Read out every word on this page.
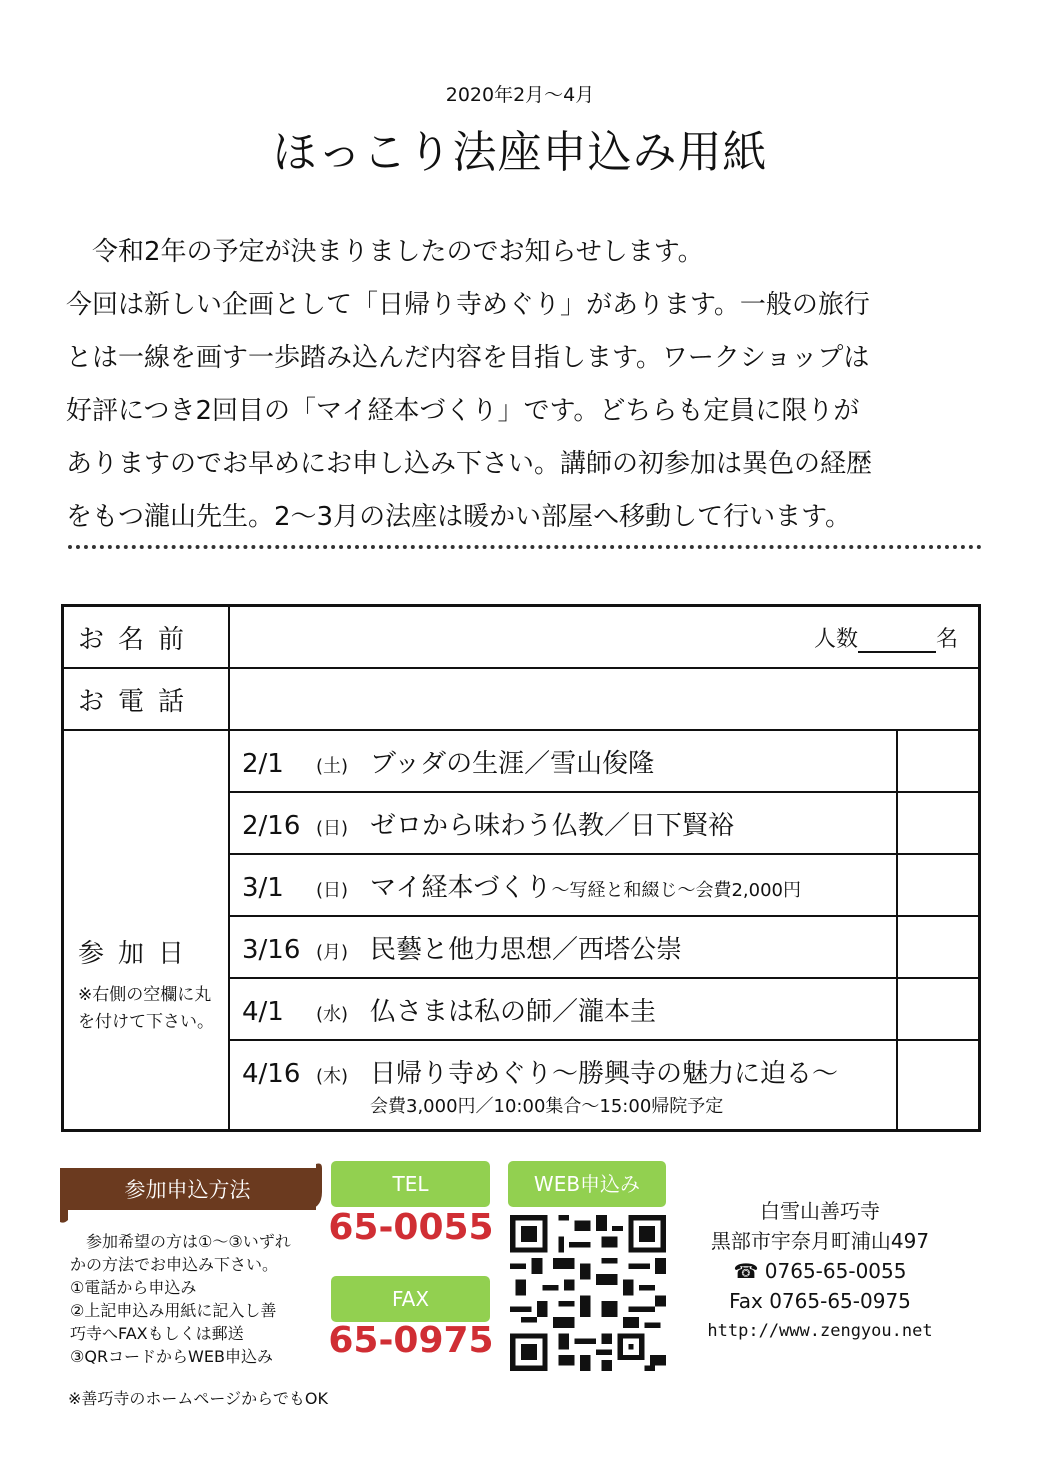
2020年2月～4月
ほっこり法座申込み用紙
　令和2年の予定が決まりましたのでお知らせします。
今回は新しい企画として「日帰り寺めぐり」があります。一般の旅行
とは一線を画す一歩踏み込んだ内容を目指します。ワークショップは
好評につき2回目の「マイ経本づくり」です。どちらも定員に限りが
ありますのでお早めにお申し込み下さい。講師の初参加は異色の経歴
をもつ瀧山先生。2～3月の法座は暖かい部屋へ移動して行います。
お名前	人数 名	
お電話		

参加日
※右側の空欄に丸を付けて下さい。	2/1 (土) ブッダの生涯／雪山俊隆	
	2/16 (日) ゼロから味わう仏教／日下賢裕	
	3/1 (日) マイ経本づくり～写経と和綴じ～会費2,000円	
	3/16 (月) 民藝と他力思想／西塔公崇	
	4/1 (水) 仏さまは私の師／瀧本圭	
	4/16 (木) 日帰り寺めぐり～勝興寺の魅力に迫る～
会費3,000円／10:00集合～15:00帰院予定	

参加申込方法
　参加希望の方は①～③いずれ
かの方法でお申込み下さい。
①電話から申込み
②上記申込み用紙に記入し善
巧寺へFAXもしくは郵送
③QRコードからWEB申込み
※善巧寺のホームページからでもOK
TEL
65-0055
FAX
65-0975
WEB申込み
白雪山善巧寺
黒部市宇奈月町浦山497
☎ 0765-65-0055
Fax 0765-65-0975
http://www.zengyou.net
